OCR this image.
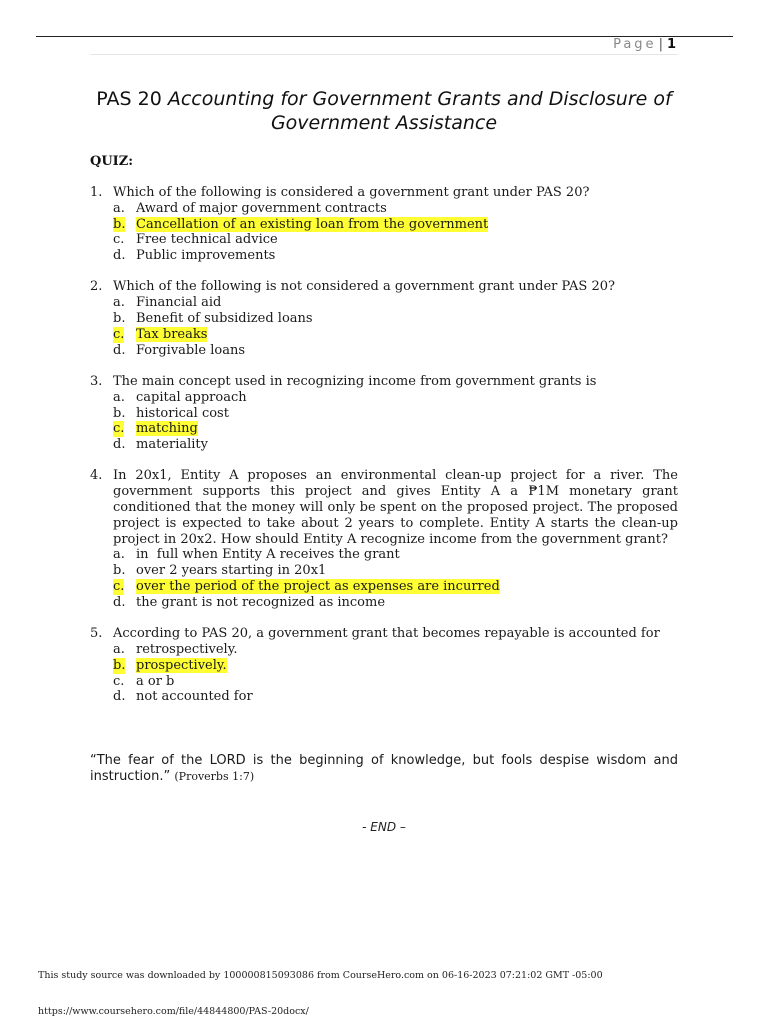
Page | 1
PAS 20 Accounting for Government Grants and Disclosure of
Government Assistance
QUIZ:
1. Which of the following is considered a government grant under PAS 20?
a. Award of major government contracts
b. Cancellation of an existing loan from the government
c. Free technical advice
d. Public improvements
2. Which of the following is not considered a government grant under PAS 20?
a. Financial aid
b. Benefit of subsidized loans
c. Tax breaks
d. Forgivable loans
3. The main concept used in recognizing income from government grants is
a. capital approach
b. historical cost
c. matching
d. materiality
4. In 20x1, Entity A proposes an environmental clean-up project for a river. The government supports this project and gives Entity A a ₱1M monetary grant conditioned that the money will only be spent on the proposed project. The proposed project is expected to take about 2 years to complete. Entity A starts the clean-up project in 20x2. How should Entity A recognize income from the government grant?
a. in  full when Entity A receives the grant
b. over 2 years starting in 20x1
c. over the period of the project as expenses are incurred
d. the grant is not recognized as income
5. According to PAS 20, a government grant that becomes repayable is accounted for
a. retrospectively.
b. prospectively.
c. a or b
d. not accounted for
“The fear of the LORD is the beginning of knowledge, but fools despise wisdom and instruction.” (Proverbs 1:7)
- END –
This study source was downloaded by 100000815093086 from CourseHero.com on 06-16-2023 07:21:02 GMT -05:00
https://www.coursehero.com/file/44844800/PAS-20docx/
